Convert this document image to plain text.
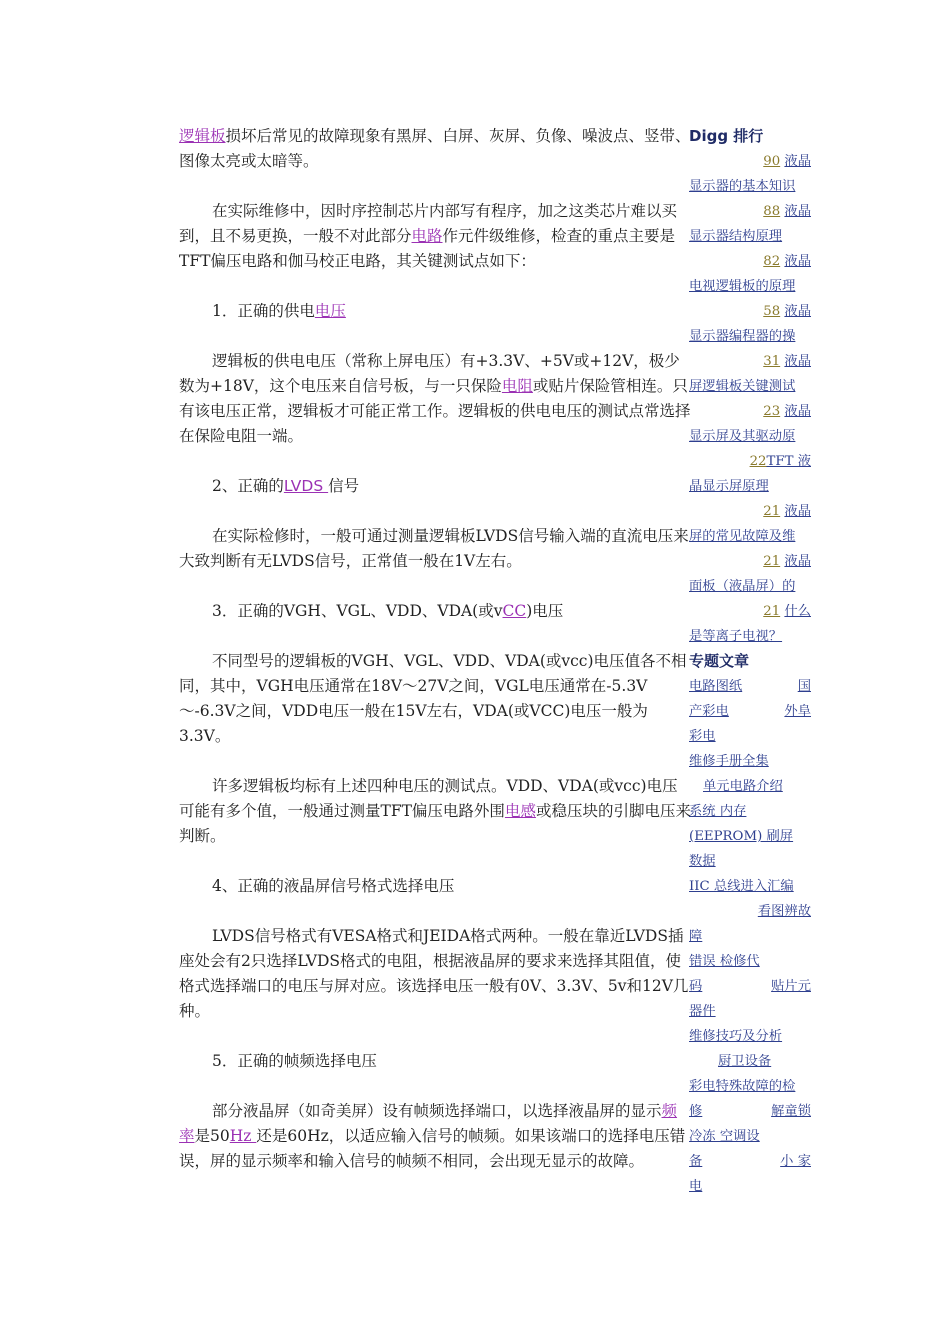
逻辑板损坏后常见的故障现象有黑屏、白屏、灰屏、负像、噪波点、竖带、图像太亮或太暗等。

在实际维修中，因时序控制芯片内部写有程序，加之这类芯片难以买到，且不易更换，一般不对此部分电路作元件级维修，检查的重点主要是TFT偏压电路和伽马校正电路，其关键测试点如下：

1．正确的供电电压

逻辑板的供电电压（常称上屏电压）有+3.3V、+5V或+12V，极少数为+18V，这个电压来自信号板，与一只保险电阻或贴片保险管相连。只有该电压正常，逻辑板才可能正常工作。逻辑板的供电电压的测试点常选择在保险电阻一端。

2、正确的LVDS 信号

在实际检修时，一般可通过测量逻辑板LVDS信号输入端的直流电压来大致判断有无LVDS信号，正常值一般在1V左右。

3．正确的VGH、VGL、VDD、VDA(或vCC)电压

不同型号的逻辑板的VGH、VGL、VDD、VDA(或vcc)电压值各不相同，其中，VGH电压通常在18V～27V之间，VGL电压通常在-5.3V～-6.3V之间，VDD电压一般在15V左右，VDA(或VCC)电压一般为3.3V。

许多逻辑板均标有上述四种电压的测试点。VDD、VDA(或vcc)电压可能有多个值，一般通过测量TFT偏压电路外围电感或稳压块的引脚电压来判断。

4、正确的液晶屏信号格式选择电压

LVDS信号格式有VESA格式和JEIDA格式两种。一般在靠近LVDS插座处会有2只选择LVDS格式的电阻，根据液晶屏的要求来选择其阻值，使格式选择端口的电压与屏对应。该选择电压一般有0V、3.3V、5v和12V几种。

5．正确的帧频选择电压

部分液晶屏（如奇美屏）设有帧频选择端口，以选择液晶屏的显示频率是50Hz 还是60Hz，以适应输入信号的帧频。如果该端口的选择电压错误，屏的显示频率和输入信号的帧频不相同，会出现无显示的故障。

Digg 排行
90 液晶
显示器的基本知识
88 液晶
显示器结构原理
82 液晶
电视逻辑板的原理
58 液晶
显示器编程器的操
31 液晶
屏逻辑板关键测试
23 液晶
显示屏及其驱动原
22TFT 液
晶显示屏原理
21 液晶
屏的常见故障及维
21 液晶
面板（液晶屏）的
21 什么
是等离子电视？
专题文章
电路图纸	国
产彩电	外阜
彩电
维修手册全集
单元电路介绍
系统 内存
(EEPROM) 刷屏
数据
IIC 总线进入汇编
看图辨故
障
错误 检修代
码	贴片元
器件
维修技巧及分析
厨卫设备
彩电特殊故障的检
修	解童锁
冷冻 空调设
备	小 家
电
